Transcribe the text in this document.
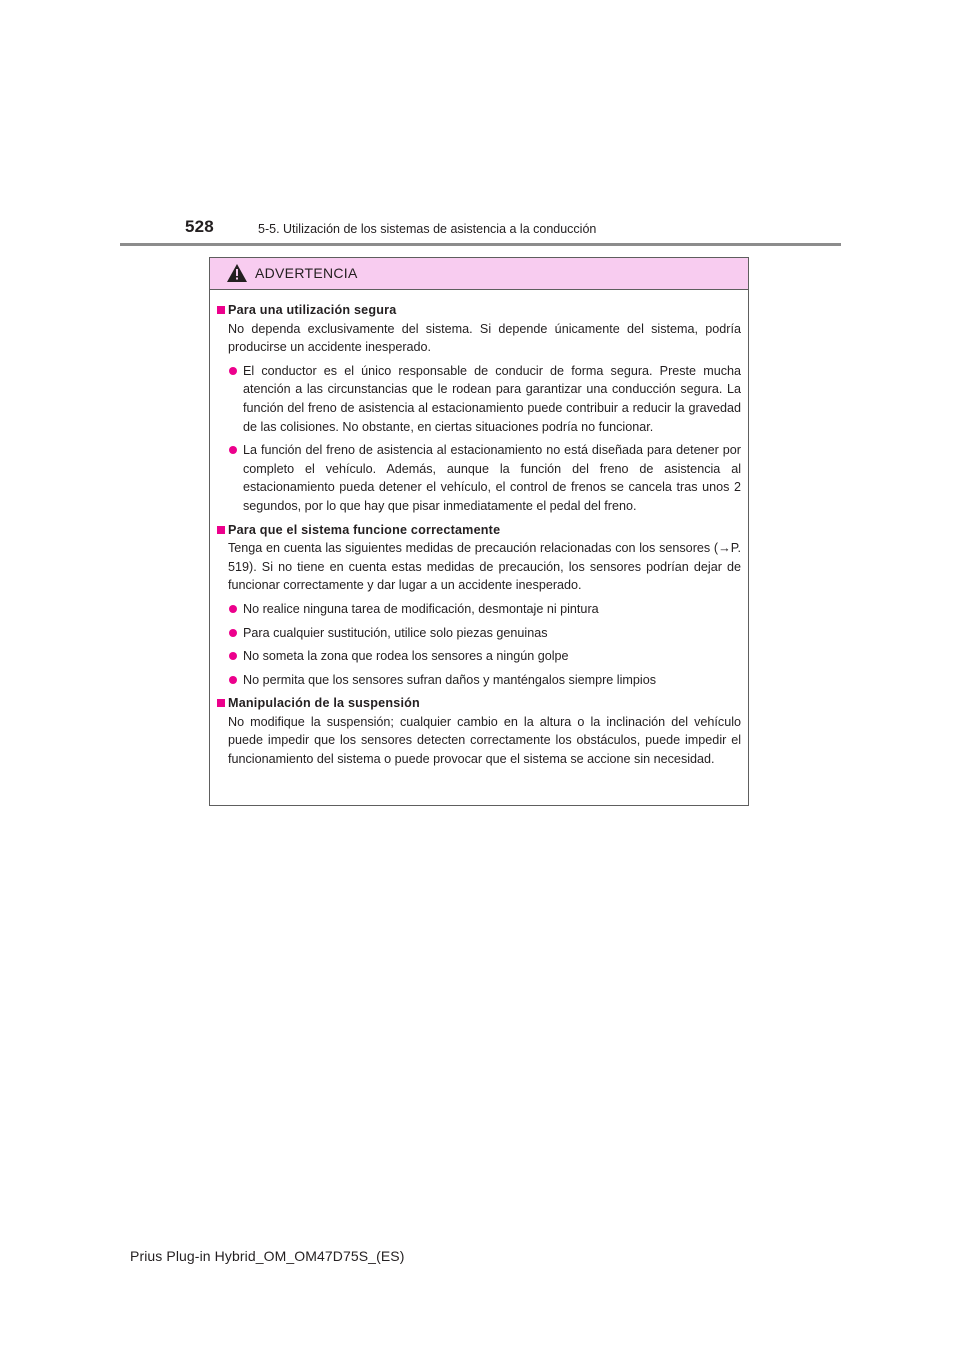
528	5-5. Utilización de los sistemas de asistencia a la conducción
ADVERTENCIA
Para una utilización segura
No dependa exclusivamente del sistema. Si depende únicamente del sistema, podría producirse un accidente inesperado.
El conductor es el único responsable de conducir de forma segura. Preste mucha atención a las circunstancias que le rodean para garantizar una conducción segura. La función del freno de asistencia al estacionamiento puede contribuir a reducir la gravedad de las colisiones. No obstante, en ciertas situaciones podría no funcionar.
La función del freno de asistencia al estacionamiento no está diseñada para detener por completo el vehículo. Además, aunque la función del freno de asistencia al estacionamiento pueda detener el vehículo, el control de frenos se cancela tras unos 2 segundos, por lo que hay que pisar inmediatamente el pedal del freno.
Para que el sistema funcione correctamente
Tenga en cuenta las siguientes medidas de precaución relacionadas con los sensores (→P. 519). Si no tiene en cuenta estas medidas de precaución, los sensores podrían dejar de funcionar correctamente y dar lugar a un accidente inesperado.
No realice ninguna tarea de modificación, desmontaje ni pintura
Para cualquier sustitución, utilice solo piezas genuinas
No someta la zona que rodea los sensores a ningún golpe
No permita que los sensores sufran daños y manténgalos siempre limpios
Manipulación de la suspensión
No modifique la suspensión; cualquier cambio en la altura o la inclinación del vehículo puede impedir que los sensores detecten correctamente los obstáculos, puede impedir el funcionamiento del sistema o puede provocar que el sistema se accione sin necesidad.
Prius Plug-in Hybrid_OM_OM47D75S_(ES)
